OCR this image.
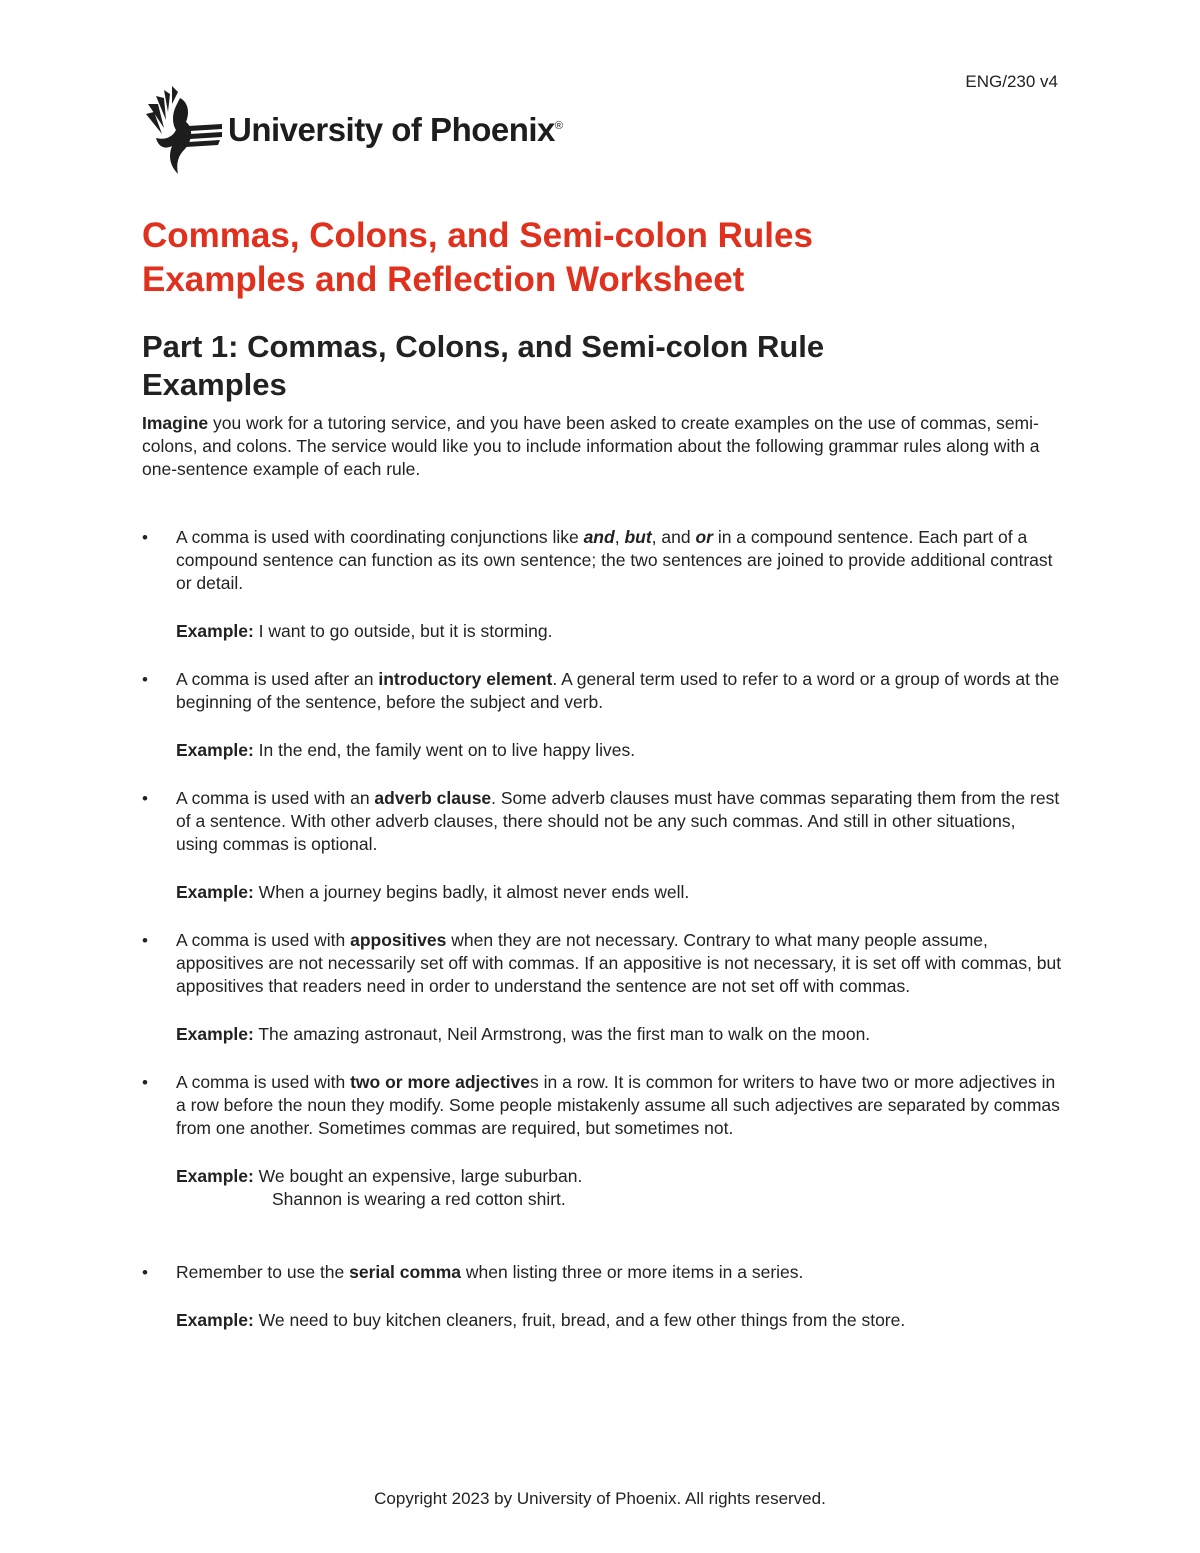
ENG/230 v4
University of Phoenix®
Commas, Colons, and Semi-colon Rules
Examples and Reflection Worksheet
Part 1: Commas, Colons, and Semi-colon Rule
Examples

Imagine you work for a tutoring service, and you have been asked to create examples on the use of commas, semi-colons, and colons. The service would like you to include information about the following grammar rules along with a one-sentence example of each rule.

• A comma is used with coordinating conjunctions like and, but, and or in a compound sentence. Each part of a compound sentence can function as its own sentence; the two sentences are joined to provide additional contrast or detail.

Example: I want to go outside, but it is storming.

• A comma is used after an introductory element. A general term used to refer to a word or a group of words at the beginning of the sentence, before the subject and verb.

Example: In the end, the family went on to live happy lives.

• A comma is used with an adverb clause. Some adverb clauses must have commas separating them from the rest of a sentence. With other adverb clauses, there should not be any such commas. And still in other situations, using commas is optional.

Example: When a journey begins badly, it almost never ends well.

• A comma is used with appositives when they are not necessary. Contrary to what many people assume, appositives are not necessarily set off with commas. If an appositive is not necessary, it is set off with commas, but appositives that readers need in order to understand the sentence are not set off with commas.

Example: The amazing astronaut, Neil Armstrong, was the first man to walk on the moon.

• A comma is used with two or more adjectives in a row. It is common for writers to have two or more adjectives in a row before the noun they modify. Some people mistakenly assume all such adjectives are separated by commas from one another. Sometimes commas are required, but sometimes not.

Example: We bought an expensive, large suburban.

Shannon is wearing a red cotton shirt.

• Remember to use the serial comma when listing three or more items in a series.

Example: We need to buy kitchen cleaners, fruit, bread, and a few other things from the store.

Copyright 2023 by University of Phoenix. All rights reserved.
